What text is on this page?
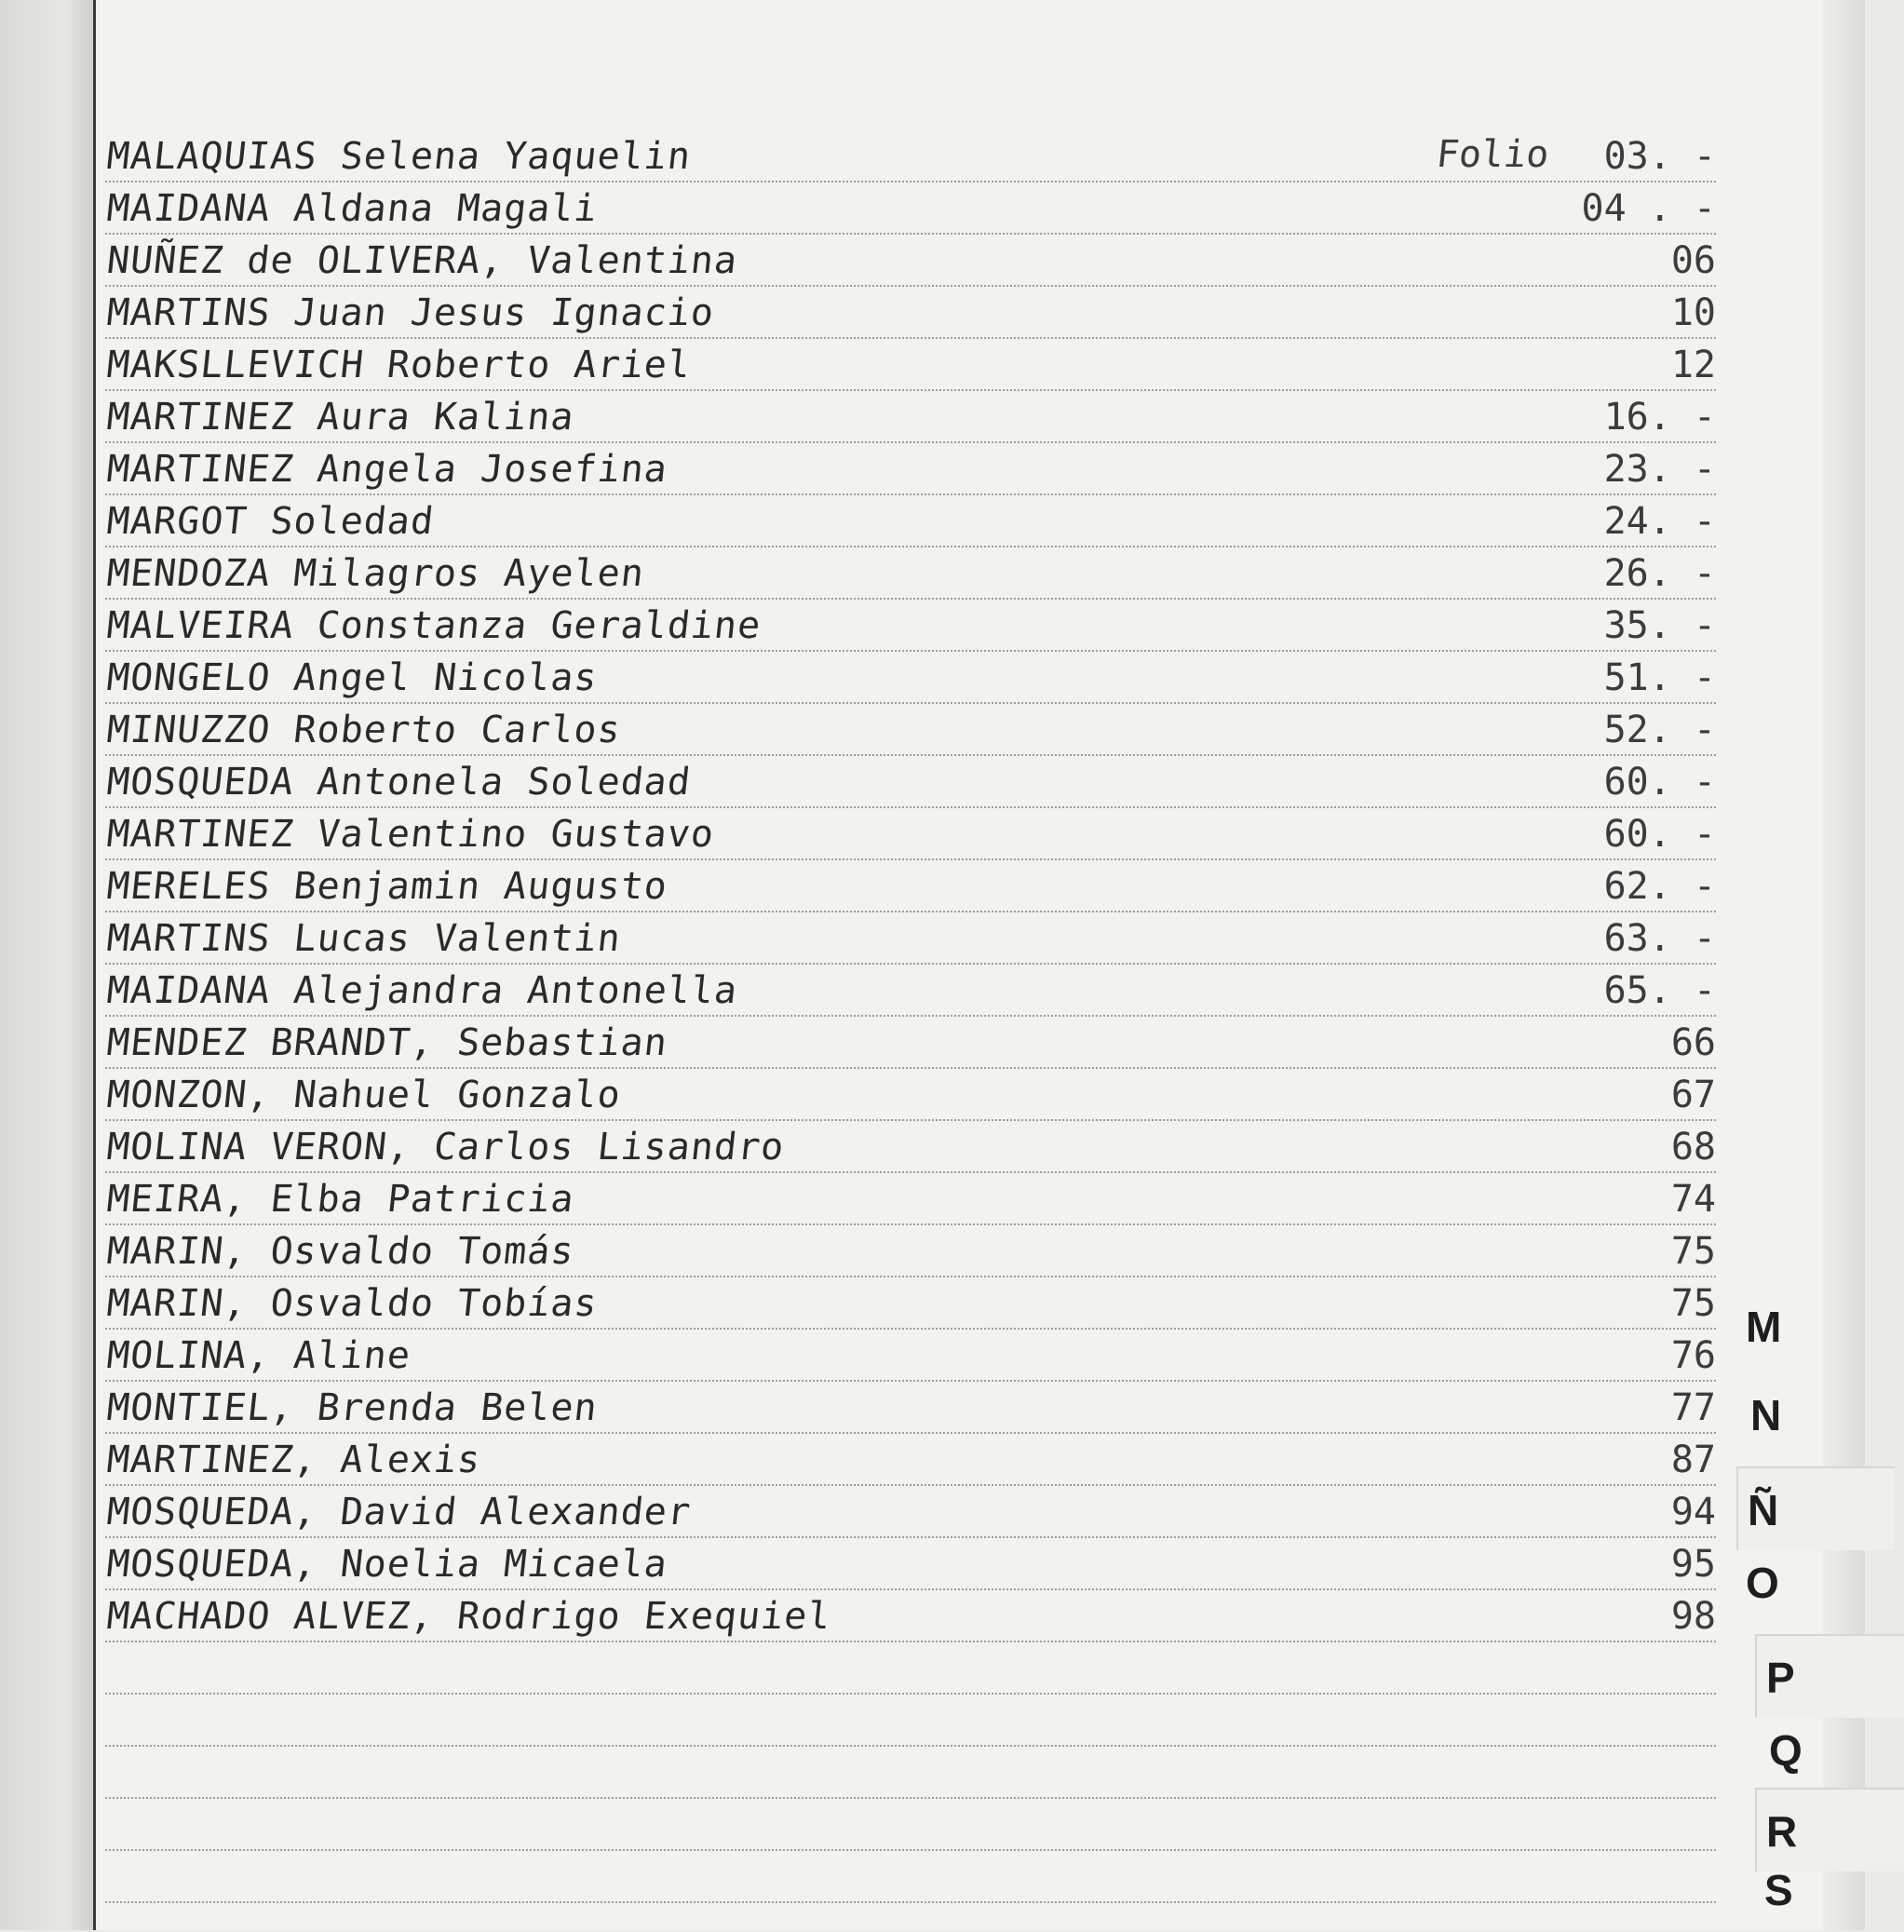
MALAQUIAS Selena Yaquelin	Folio	03. -
MAIDANA Aldana Magali	04 . -
NUÑEZ de OLIVERA, Valentina	06
MARTINS Juan Jesus Ignacio	10
MAKSLLEVICH Roberto Ariel	12
MARTINEZ Aura Kalina	16. -
MARTINEZ Angela Josefina	23. -
MARGOT Soledad	24. -
MENDOZA Milagros Ayelen	26. -
MALVEIRA Constanza Geraldine	35. -
MONGELO Angel Nicolas	51. -
MINUZZO Roberto Carlos	52. -
MOSQUEDA Antonela Soledad	60. -
MARTINEZ Valentino Gustavo	60. -
MERELES Benjamin Augusto	62. -
MARTINS Lucas Valentin	63. -
MAIDANA Alejandra Antonella	65. -
MENDEZ BRANDT, Sebastian	66
MONZON, Nahuel Gonzalo	67
MOLINA VERON, Carlos Lisandro	68
MEIRA, Elba Patricia	74
MARIN, Osvaldo Tomás	75
MARIN, Osvaldo Tobías	75
MOLINA, Aline	76
MONTIEL, Brenda Belen	77
MARTINEZ, Alexis	87
MOSQUEDA, David Alexander	94
MOSQUEDA, Noelia Micaela	95
MACHADO ALVEZ, Rodrigo Exequiel	98
M
N
Ñ
O
P
Q
R
S
